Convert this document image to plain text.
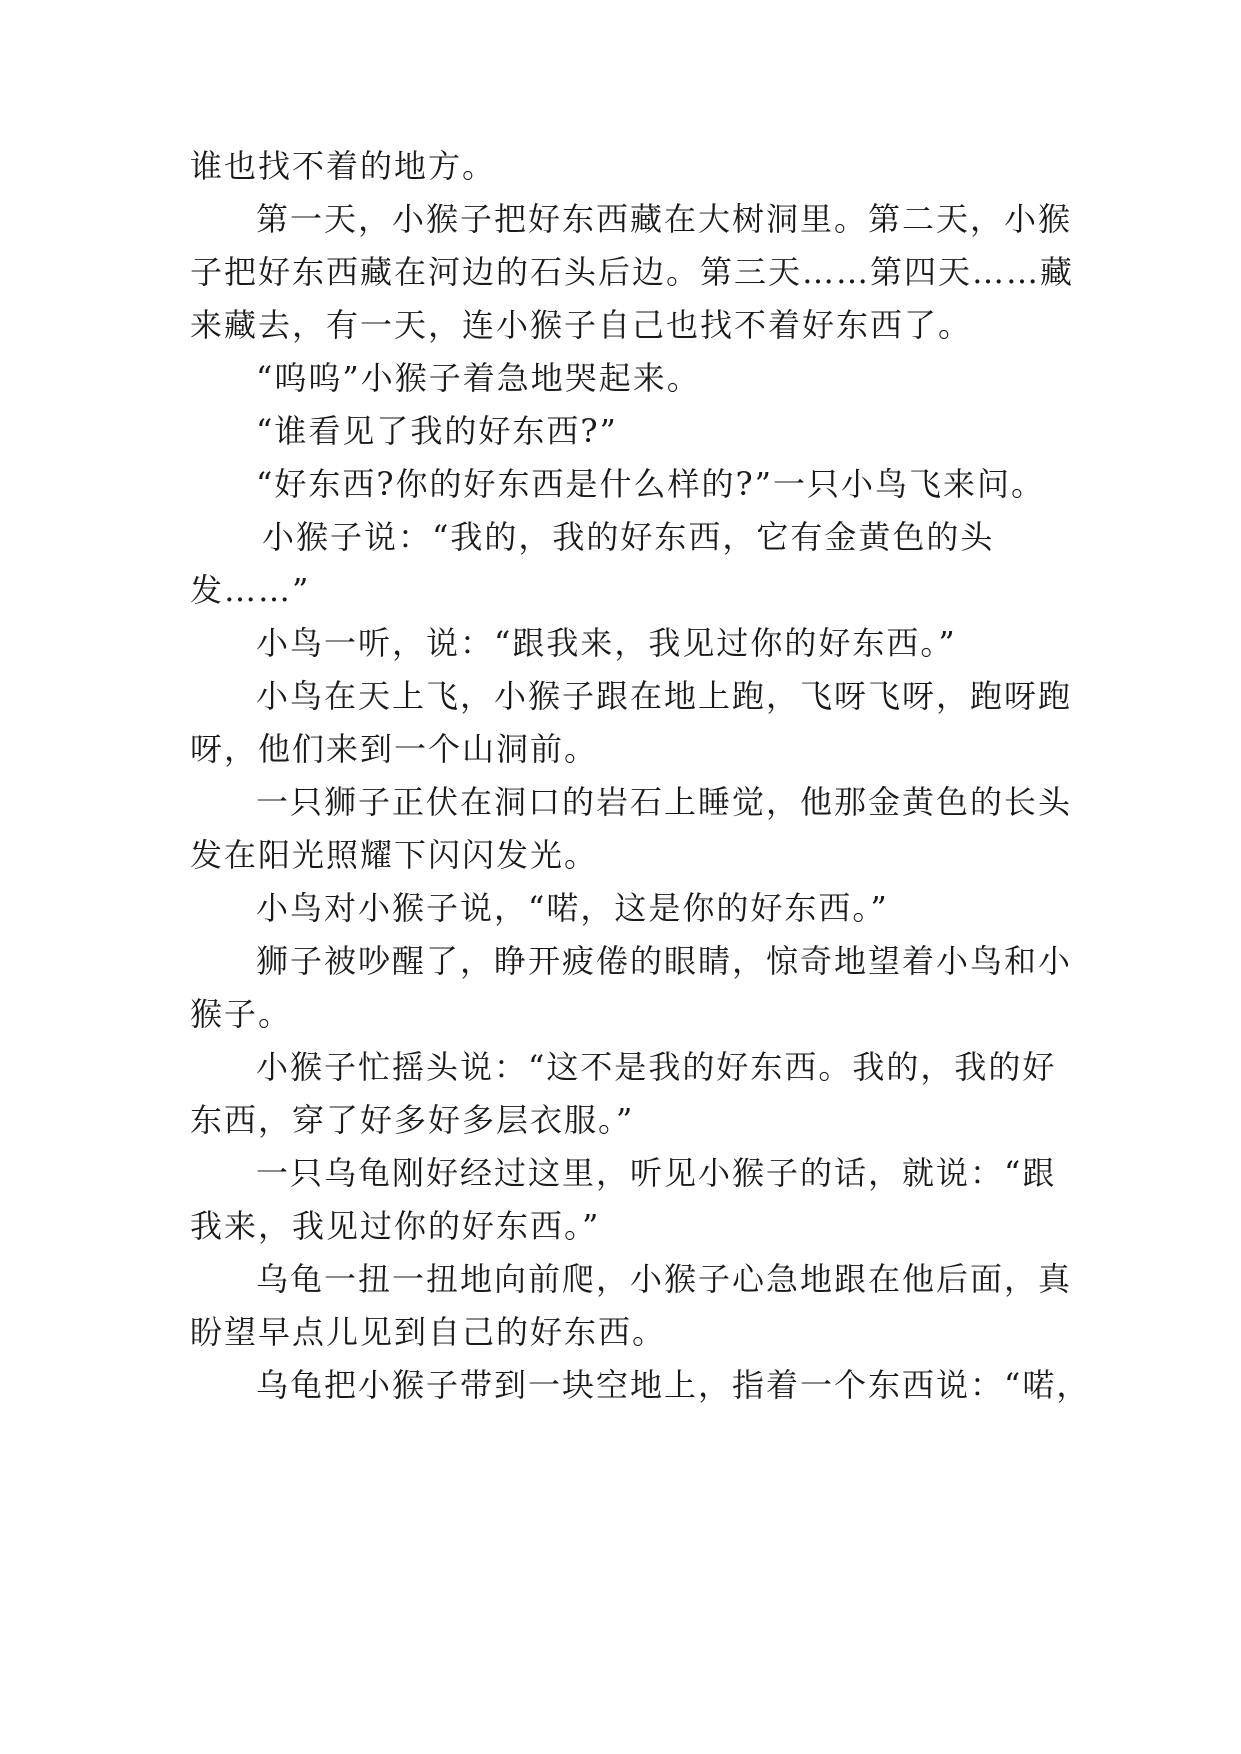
谁也找不着的地方。
第一天，小猴子把好东西藏在大树洞里。第二天，小猴
子把好东西藏在河边的石头后边。第三天……第四天……藏
来藏去，有一天，连小猴子自己也找不着好东西了。
“呜呜”小猴子着急地哭起来。
“谁看见了我的好东西?”
“好东西?你的好东西是什么样的?”一只小鸟飞来问。
小猴子说：“我的，我的好东西，它有金黄色的头
发……”
小鸟一听，说：“跟我来，我见过你的好东西。”
小鸟在天上飞，小猴子跟在地上跑，飞呀飞呀，跑呀跑
呀，他们来到一个山洞前。
一只狮子正伏在洞口的岩石上睡觉，他那金黄色的长头
发在阳光照耀下闪闪发光。
小鸟对小猴子说，“喏，这是你的好东西。”
狮子被吵醒了，睁开疲倦的眼睛，惊奇地望着小鸟和小
猴子。
小猴子忙摇头说：“这不是我的好东西。我的，我的好
东西，穿了好多好多层衣服。”
一只乌龟刚好经过这里，听见小猴子的话，就说：“跟
我来，我见过你的好东西。”
乌龟一扭一扭地向前爬，小猴子心急地跟在他后面，真
盼望早点儿见到自己的好东西。
乌龟把小猴子带到一块空地上，指着一个东西说：“喏，
